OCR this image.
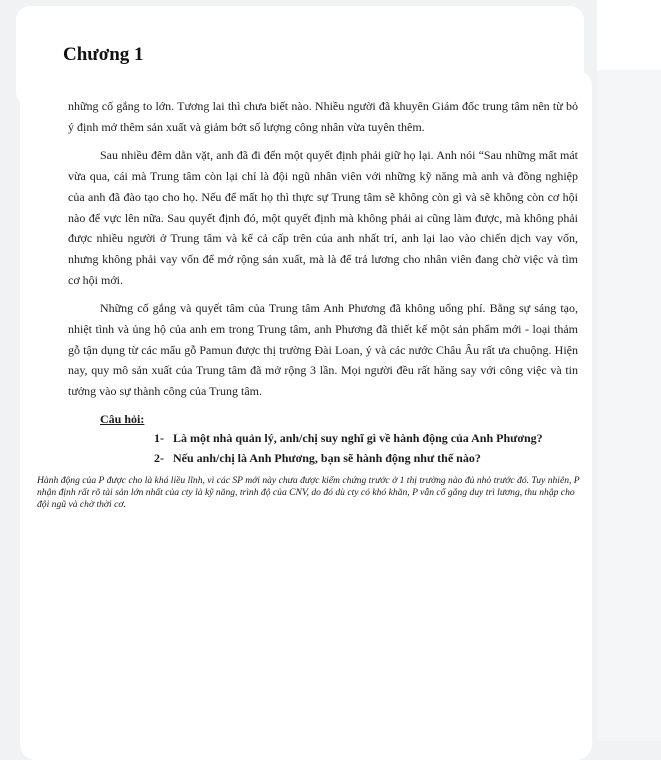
Chương 1

những cố gắng to lớn. Tương lai thì chưa biết nào. Nhiều người đã khuyên Giám đốc trung tâm nên từ bỏ ý định mở thêm sản xuất và giảm bớt số lượng công nhân vừa tuyên thêm.

Sau nhiều đêm dằn vặt, anh đã đi đến một quyết định phải giữ họ lại. Anh nói “Sau những mất mát vừa qua, cái mà Trung tâm còn lại chỉ là đội ngũ nhân viên với những kỹ năng mà anh và đồng nghiệp của anh đã đào tạo cho họ. Nếu để mất họ thì thực sự Trung tâm sẽ không còn gì và sẽ không còn cơ hội nào để vực lên nữa. Sau quyết định đó, một quyết định mà không phải ai cũng làm được, mà không phải được nhiều người ở Trung tâm và kể cả cấp trên của anh nhất trí, anh lại lao vào chiến dịch vay vốn, nhưng không phải vay vốn để mở rộng sản xuất, mà là để trả lương cho nhân viên đang chờ việc và tìm cơ hội mới.

Những cố gắng và quyết tâm của Trung tâm Anh Phương đã không uổng phí. Bằng sự sáng tạo, nhiệt tình và ủng hộ của anh em trong Trung tâm, anh Phương đã thiết kế một sản phẩm mới - loại thảm gỗ tận dụng từ các mẩu gỗ Pamun được thị trường Đài Loan, ý và các nước Châu Âu rất ưa chuộng. Hiện nay, quy mô sản xuất của Trung tâm đã mở rộng 3 lần. Mọi người đều rất hăng say với công việc và tin tưởng vào sự thành công của Trung tâm.

Câu hỏi:
1- Là một nhà quản lý, anh/chị suy nghĩ gì về hành động của Anh Phương?
2- Nếu anh/chị là Anh Phương, bạn sẽ hành động như thế nào?
Hành động của P được cho là khá liều lĩnh, vì các SP mới này chưa được kiểm chứng trước ở 1 thị trường nào đủ nhỏ trước đó. Tuy nhiên, P nhận định rất rõ tài sản lớn nhất của cty là kỹ năng, trình độ của CNV, do đó dù cty có khó khăn, P vẫn cố gắng duy trì lương, thu nhập cho đội ngũ và chờ thời cơ.
